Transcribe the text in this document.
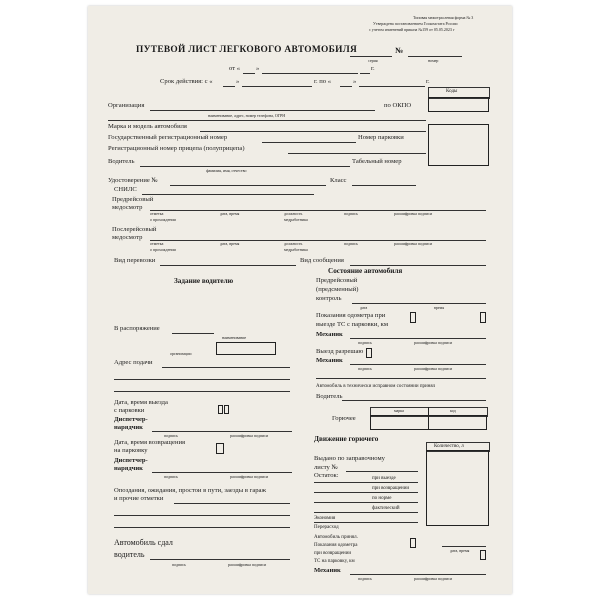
Типовая межотраслевая форма № 3
Утверждена постановлением Госкомстата России
с учетом изменений приказа №159 от 05.05.2023 г
ПУТЕВОЙ ЛИСТ ЛЕГКОВОГО АВТОМОБИЛЯ	№
серия	номер
от « »	г.
Срок действия: с «	»	г. по «	»	г.
Коды
Организация	по ОКПО
наименование, адрес, номер телефона, ОГРН
Марка и модель автомобиля
Государственный регистрационный номер	Номер парковки
Регистрационный номер прицепа (полуприцепа)
Водитель	Табельный номер
фамилия, имя, отчество
Удостоверение №	Класс
СНИЛС
Предрейсовый
медосмотр
отметка
о прохождении
дата, время	должность
медработника
подпись	расшифровка подписи
Послерейсовый
медосмотр
отметка
о прохождении
дата, время	должность
медработника
подпись	расшифровка подписи
Вид перевозки	Вид сообщения
Задание водителю
В распоряжение
наименование
организации
Адрес подачи
Дата, время выезда
с парковки
Диспетчер-
нарядчик
подпись	расшифровка подписи
Дата, время возвращения
на парковку
Диспетчер-
нарядчик
подпись	расшифровка подписи
Опоздания, ожидания, простои в пути, заезды в гараж
и прочие отметки
Автомобиль сдал
водитель
подпись	расшифровка подписи
Состояние автомобиля
Предрейсовый
(предсменный)
контроль
дата	время
Показания одометра при
выезде ТС с парковки, км
Механик
подпись	расшифровка подписи
Выезд разрешаю
Механик
подпись	расшифровка подписи
Автомобиль в технически исправном состоянии принял
Водитель
Горючее
марка	код
Движение горючего
Количество, л
Выдано по заправочному
листу №
Остаток:	при выезде
при возвращении
по норме
фактический
Экономия
Перерасход
Автомобиль принял.
Показания одометра
при возвращении
ТС на парковку, км
дата, время
Механик
подпись	расшифровка подписи
